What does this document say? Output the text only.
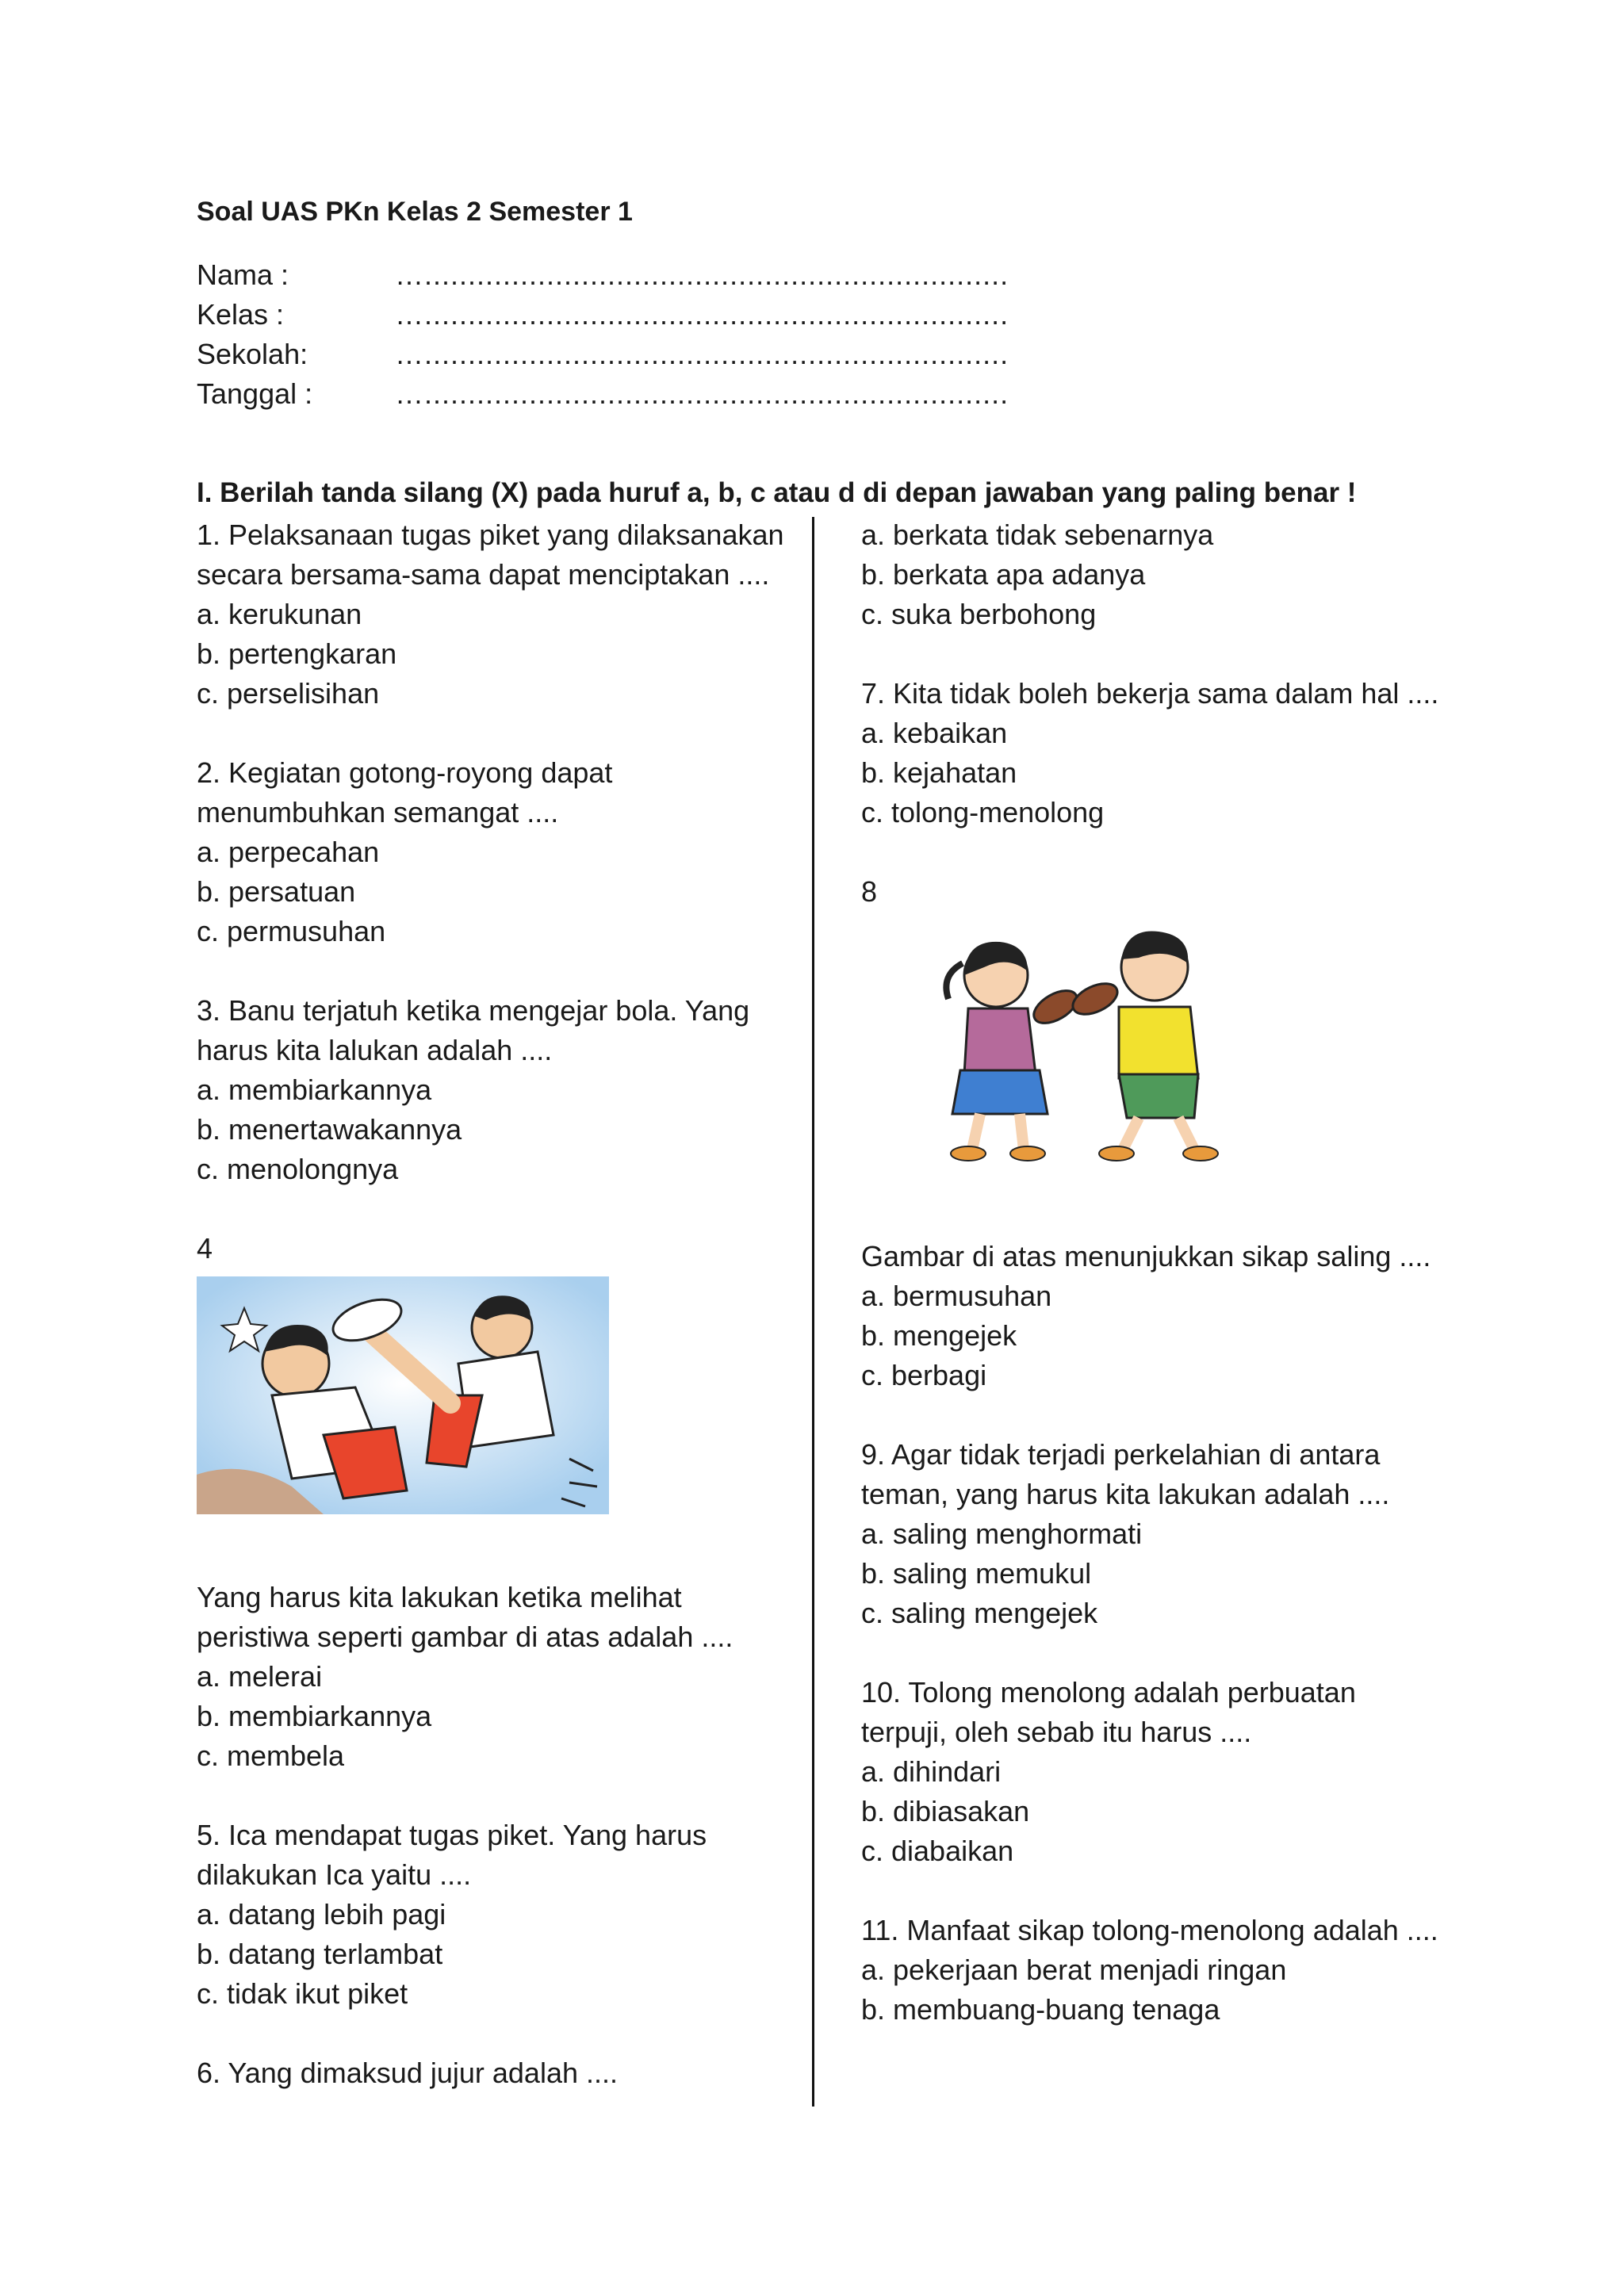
Soal UAS PKn Kelas 2 Semester 1
Nama :	…...................................................................
Kelas :	…...................................................................
Sekolah:	…...................................................................
Tanggal :	…...................................................................
I. Berilah tanda silang (X) pada huruf a, b, c atau d di depan jawaban yang paling benar !
1. Pelaksanaan tugas piket yang dilaksanakan
secara bersama-sama dapat menciptakan ....
a. kerukunan
b. pertengkaran
c. perselisihan
2. Kegiatan gotong-royong dapat
menumbuhkan semangat ....
a. perpecahan
b. persatuan
c. permusuhan
3. Banu terjatuh ketika mengejar bola. Yang
harus kita lalukan adalah ....
a. membiarkannya
b. menertawakannya
c. menolongnya
4
Yang harus kita lakukan ketika melihat
peristiwa seperti gambar di atas adalah ....
a. melerai
b. membiarkannya
c. membela
5. Ica mendapat tugas piket. Yang harus
dilakukan Ica yaitu ....
a. datang lebih pagi
b. datang terlambat
c. tidak ikut piket
6. Yang dimaksud jujur adalah ....
a. berkata tidak sebenarnya
b. berkata apa adanya
c. suka berbohong
7. Kita tidak boleh bekerja sama dalam hal ....
a. kebaikan
b. kejahatan
c. tolong-menolong
8
Gambar di atas menunjukkan sikap saling ....
a. bermusuhan
b. mengejek
c. berbagi
9. Agar tidak terjadi perkelahian di antara
teman, yang harus kita lakukan adalah ....
a. saling menghormati
b. saling memukul
c. saling mengejek
10. Tolong menolong adalah perbuatan
terpuji, oleh sebab itu harus ....
a. dihindari
b. dibiasakan
c. diabaikan
11. Manfaat sikap tolong-menolong adalah ....
a. pekerjaan berat menjadi ringan
b. membuang-buang tenaga
